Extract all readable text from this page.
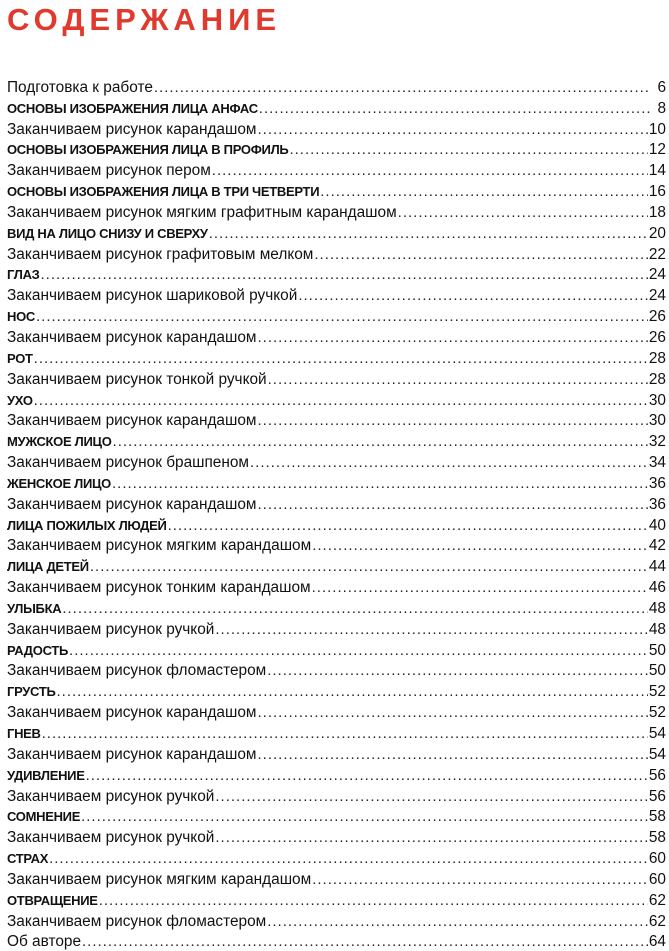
СОДЕРЖАНИЕ
Подготовка к работе .....	6
ОСНОВЫ ИЗОБРАЖЕНИЯ ЛИЦА АНФАС .....	8
Заканчиваем рисунок карандашом .....	10
ОСНОВЫ ИЗОБРАЖЕНИЯ ЛИЦА В ПРОФИЛЬ .....	12
Заканчиваем рисунок пером .....	14
ОСНОВЫ ИЗОБРАЖЕНИЯ ЛИЦА В ТРИ ЧЕТВЕРТИ .....	16
Заканчиваем рисунок мягким графитным карандашом .....	18
ВИД НА ЛИЦО СНИЗУ И СВЕРХУ .....	20
Заканчиваем рисунок графитовым мелком .....	22
ГЛАЗ .....	24
Заканчиваем рисунок шариковой ручкой .....	24
НОС .....	26
Заканчиваем рисунок карандашом .....	26
РОТ .....	28
Заканчиваем рисунок тонкой ручкой .....	28
УХО .....	30
Заканчиваем рисунок карандашом .....	30
МУЖСКОЕ ЛИЦО .....	32
Заканчиваем рисунок брашпеном .....	34
ЖЕНСКОЕ ЛИЦО .....	36
Заканчиваем рисунок карандашом .....	36
ЛИЦА ПОЖИЛЫХ ЛЮДЕЙ .....	40
Заканчиваем рисунок мягким карандашом .....	42
ЛИЦА ДЕТЕЙ .....	44
Заканчиваем рисунок тонким карандашом .....	46
УЛЫБКА .....	48
Заканчиваем рисунок ручкой .....	48
РАДОСТЬ .....	50
Заканчиваем рисунок фломастером .....	50
ГРУСТЬ .....	52
Заканчиваем рисунок карандашом .....	52
ГНЕВ .....	54
Заканчиваем рисунок карандашом .....	54
УДИВЛЕНИЕ .....	56
Заканчиваем рисунок ручкой .....	56
СОМНЕНИЕ .....	58
Заканчиваем рисунок ручкой .....	58
СТРАХ .....	60
Заканчиваем рисунок мягким карандашом .....	60
ОТВРАЩЕНИЕ .....	62
Заканчиваем рисунок фломастером .....	62
Об авторе .....	64
